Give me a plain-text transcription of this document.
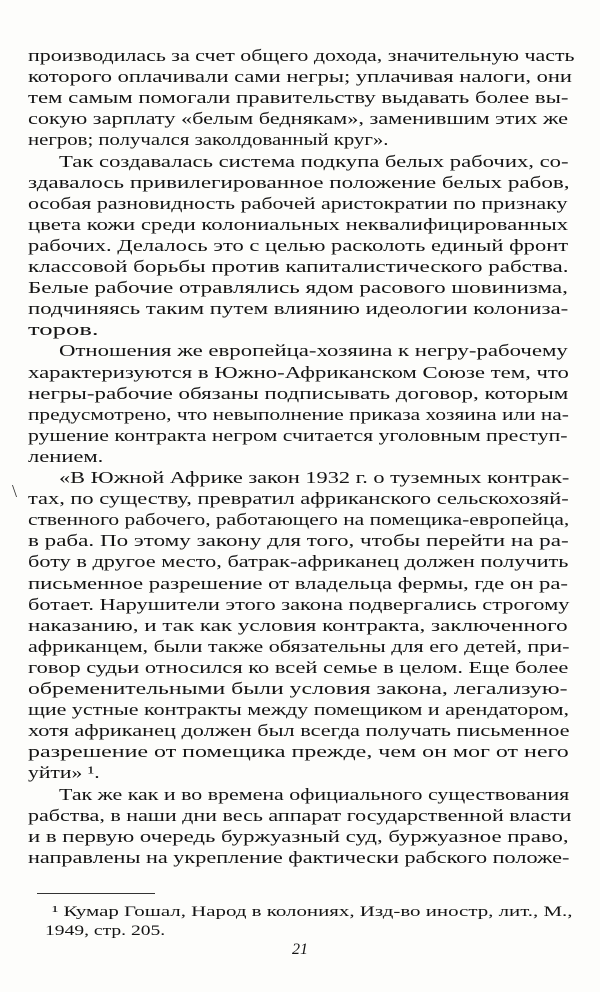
\
производилась за счет общего дохода, значительную часть
которого оплачивали сами негры; уплачивая налоги, они
тем самым помогали правительству выдавать более вы-
сокую зарплату «белым беднякам», заменившим этих же
негров; получался заколдованный круг».
Так создавалась система подкупа белых рабочих, со-
здавалось привилегированное положение белых рабов,
особая разновидность рабочей аристократии по признаку
цвета кожи среди колониальных неквалифицированных
рабочих. Делалось это с целью расколоть единый фронт
классовой борьбы против капиталистического рабства.
Белые рабочие отравлялись ядом расового шовинизма,
подчиняясь таким путем влиянию идеологии колониза-
торов.
Отношения же европейца-хозяина к негру-рабочему
характеризуются в Южно-Африканском Союзе тем, что
негры-рабочие обязаны подписывать договор, которым
предусмотрено, что невыполнение приказа хозяина или на-
рушение контракта негром считается уголовным преступ-
лением.
«В Южной Африке закон 1932 г. о туземных контрак-
тах, по существу, превратил африканского сельскохозяй-
ственного рабочего, работающего на помещика-европейца,
в раба. По этому закону для того, чтобы перейти на ра-
боту в другое место, батрак-африканец должен получить
письменное разрешение от владельца фермы, где он ра-
ботает. Нарушители этого закона подвергались строгому
наказанию, и так как условия контракта, заключенного
африканцем, были также обязательны для его детей, при-
говор судьи относился ко всей семье в целом. Еще более
обременительными были условия закона, легализую-
щие устные контракты между помещиком и арендатором,
хотя африканец должен был всегда получать письменное
разрешение от помещика прежде, чем он мог от него
уйти» ¹.
Так же как и во времена официального существования
рабства, в наши дни весь аппарат государственной власти
и в первую очередь буржуазный суд, буржуазное право,
направлены на укрепление фактически рабского положе-
¹ Кумар Гошал, Народ в колониях, Изд-во иностр, лит., М.,
1949, стр. 205.
21
